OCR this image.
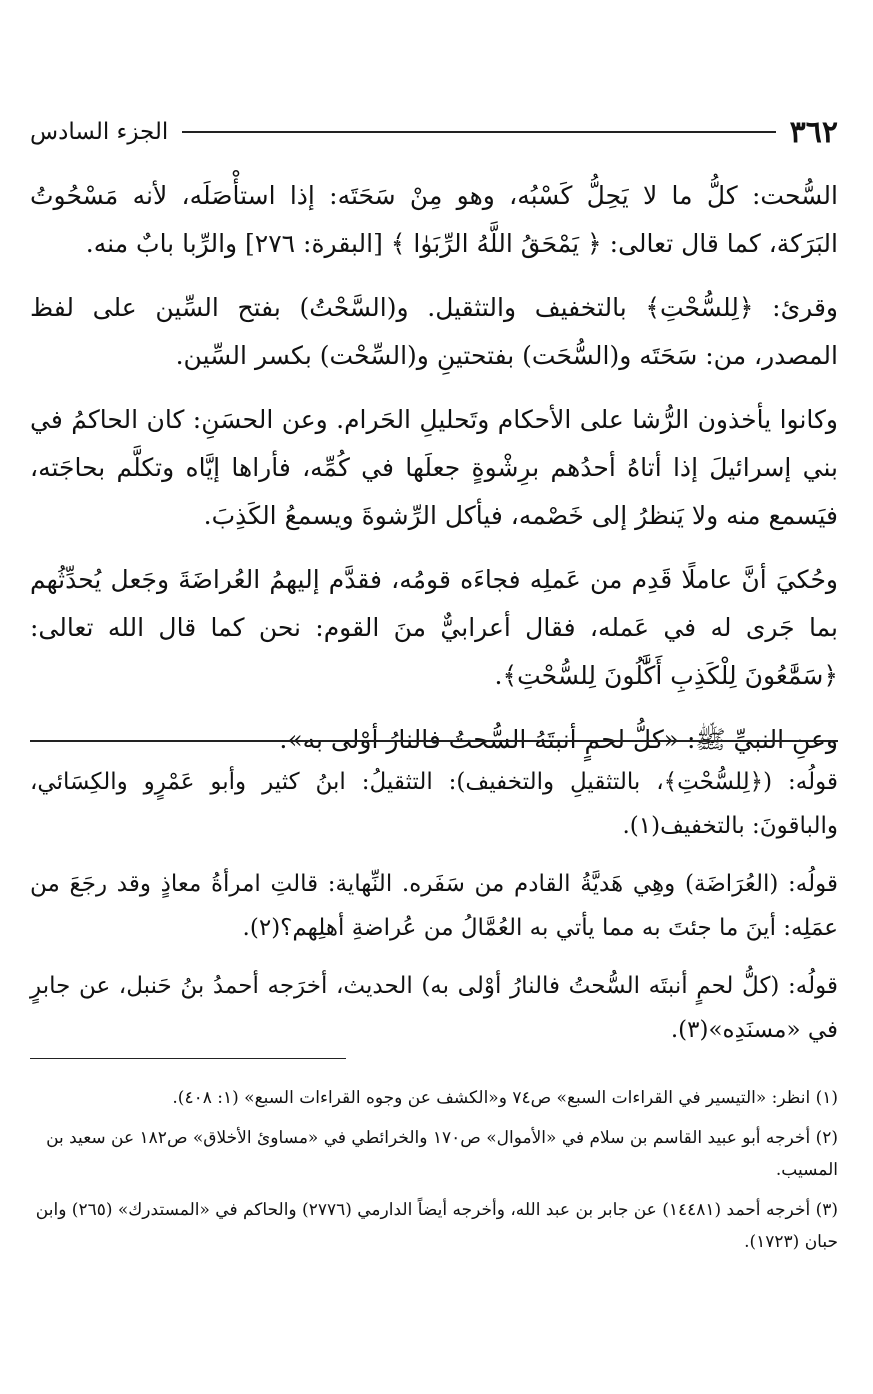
٣٦٢
الجزء السادس

السُّحت: كلُّ ما لا يَحِلُّ كَسْبُه، وهو مِنْ سَحَتَه: إذا استأْصَلَه، لأنه مَسْحُوتُ البَرَكة، كما قال تعالى: ﴿ يَمْحَقُ اللَّهُ الرِّبَوٰا ﴾ [البقرة: ٢٧٦] والرِّبا بابٌ منه.

وقرئ: ﴿لِلسُّحْتِ﴾ بالتخفيف والتثقيل. و(السَّحْتُ) بفتح السِّين على لفظ المصدر، من: سَحَتَه و(السُّحَت) بفتحتينِ و(السِّحْت) بكسر السِّين.

وكانوا يأخذون الرُّشا على الأحكام وتَحليلِ الحَرام. وعن الحسَنِ: كان الحاكمُ في بني إسرائيلَ إذا أتاهُ أحدُهم برِشْوةٍ جعلَها في كُمِّه، فأراها إيَّاه وتكلَّم بحاجَته، فيَسمع منه ولا يَنظرُ إلى خَصْمه، فيأكل الرِّشوةَ ويسمعُ الكَذِبَ.

وحُكيَ أنَّ عاملًا قَدِم من عَملِه فجاءَه قومُه، فقدَّم إليهمُ العُراضَةَ وجَعل يُحدِّثُهم بما جَرى له في عَمله، فقال أعرابيٌّ منَ القوم: نحن كما قال الله تعالى: ﴿سَمَّٰعُونَ لِلْكَذِبِ أَكَّٰلُونَ لِلسُّحْتِ﴾.

وعنِ النبيِّ ﷺ: «كلُّ لحمٍ أنبتَهُ السُّحتُ فالنارُ أوْلى به».

قولُه: (﴿لِلسُّحْتِ﴾، بالتثقيلِ والتخفيف): التثقيلُ: ابنُ كثير وأبو عَمْرٍو والكِسَائي، والباقونَ: بالتخفيف(١).

قولُه: (العُرَاضَة) وهِي هَديَّةُ القادم من سَفَره. النِّهاية: قالتِ امرأةُ معاذٍ وقد رجَعَ من عمَلِه: أينَ ما جئتَ به مما يأتي به العُمَّالُ من عُراضةِ أهلِهم؟(٢).

قولُه: (كلُّ لحمٍ أنبتَه السُّحتُ فالنارُ أوْلى به) الحديث، أخرَجه أحمدُ بنُ حَنبل، عن جابرٍ في «مسنَدِه»(٣).

(١) انظر: «التيسير في القراءات السبع» ص٧٤ و«الكشف عن وجوه القراءات السبع» (١: ٤٠٨).

(٢) أخرجه أبو عبيد القاسم بن سلام في «الأموال» ص١٧٠ والخرائطي في «مساوئ الأخلاق» ص١٨٢ عن سعيد بن المسيب.

(٣) أخرجه أحمد (١٤٤٨١) عن جابر بن عبد الله، وأخرجه أيضاً الدارمي (٢٧٧٦) والحاكم في «المستدرك» (٢٦٥) وابن حبان (١٧٢٣).
